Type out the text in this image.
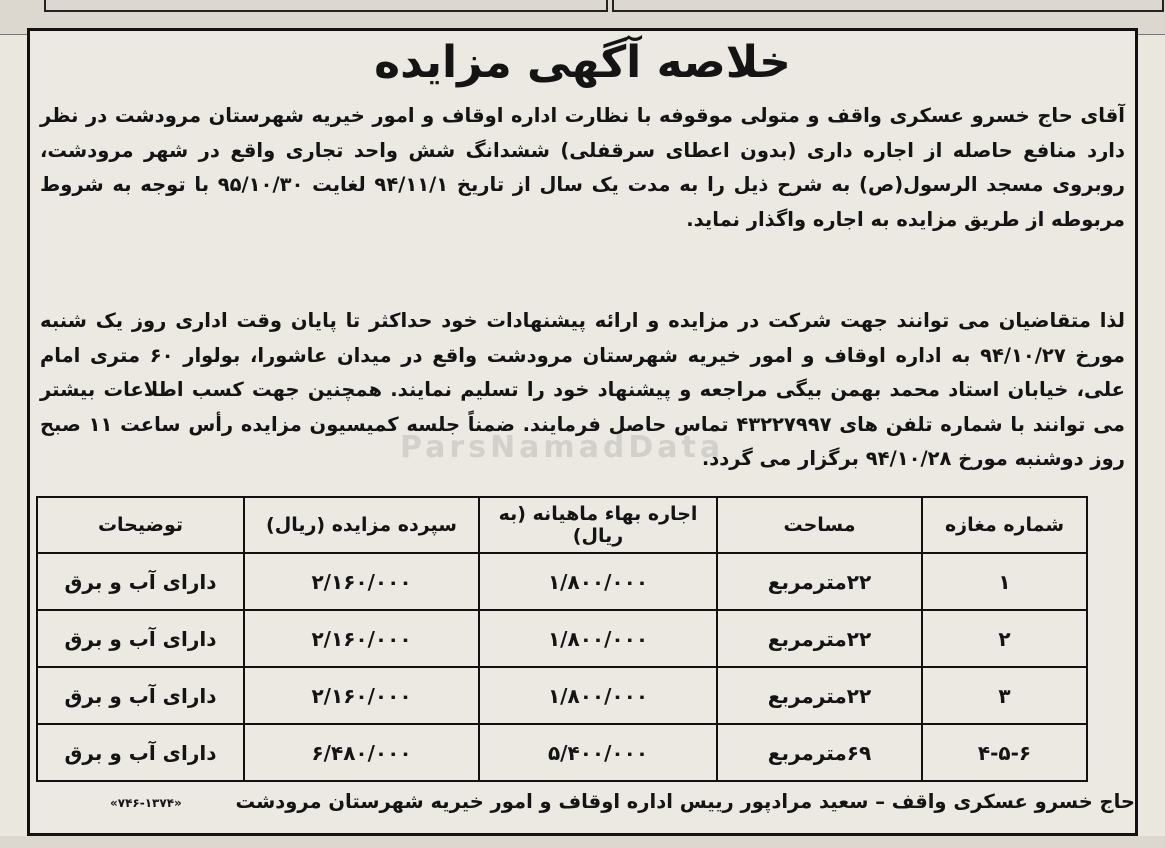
خلاصه آگهی مزایده
آقای حاج خسرو عسکری واقف و متولی موقوفه با نظارت اداره اوقاف و امور خیریه شهرستان مرودشت در نظر دارد منافع حاصله از اجاره داری (بدون اعطای سرقفلی) ششدانگ شش واحد تجاری واقع در شهر مرودشت، روبروی مسجد الرسول(ص) به شرح ذیل را به مدت یک سال از تاریخ ۹۴/۱۱/۱ لغایت ۹۵/۱۰/۳۰ با توجه به شروط مربوطه از طریق مزایده به اجاره واگذار نماید.
لذا متقاضیان می توانند جهت شرکت در مزایده و ارائه پیشنهادات خود حداکثر تا پایان وقت اداری روز یک شنبه مورخ ۹۴/۱۰/۲۷ به اداره اوقاف و امور خیریه شهرستان مرودشت واقع در میدان عاشورا، بولوار ۶۰ متری امام علی، خیابان استاد محمد بهمن بیگی مراجعه و پیشنهاد خود را تسلیم نمایند. همچنین جهت کسب اطلاعات بیشتر می توانند با شماره تلفن های ۴۳۲۲۷۹۹۷ تماس حاصل فرمایند. ضمناً جلسه کمیسیون مزایده رأس ساعت ۱۱ صبح روز دوشنبه مورخ ۹۴/۱۰/۲۸ برگزار می گردد.
ParsNamadData
شماره مغازه	مساحت	اجاره بهاء ماهیانه (به ریال)	سپرده مزایده (ریال)	توضیحات
۱	۲۲مترمربع	۱/۸۰۰/۰۰۰	۲/۱۶۰/۰۰۰	دارای آب و برق
۲	۲۲مترمربع	۱/۸۰۰/۰۰۰	۲/۱۶۰/۰۰۰	دارای آب و برق
۳	۲۲مترمربع	۱/۸۰۰/۰۰۰	۲/۱۶۰/۰۰۰	دارای آب و برق
۴-۵-۶	۶۹مترمربع	۵/۴۰۰/۰۰۰	۶/۴۸۰/۰۰۰	دارای آب و برق
حاج خسرو عسکری واقف – سعید مرادپور رییس اداره اوقاف و امور خیریه شهرستان مرودشت
«۷۴۶-۱۳۷۴»
